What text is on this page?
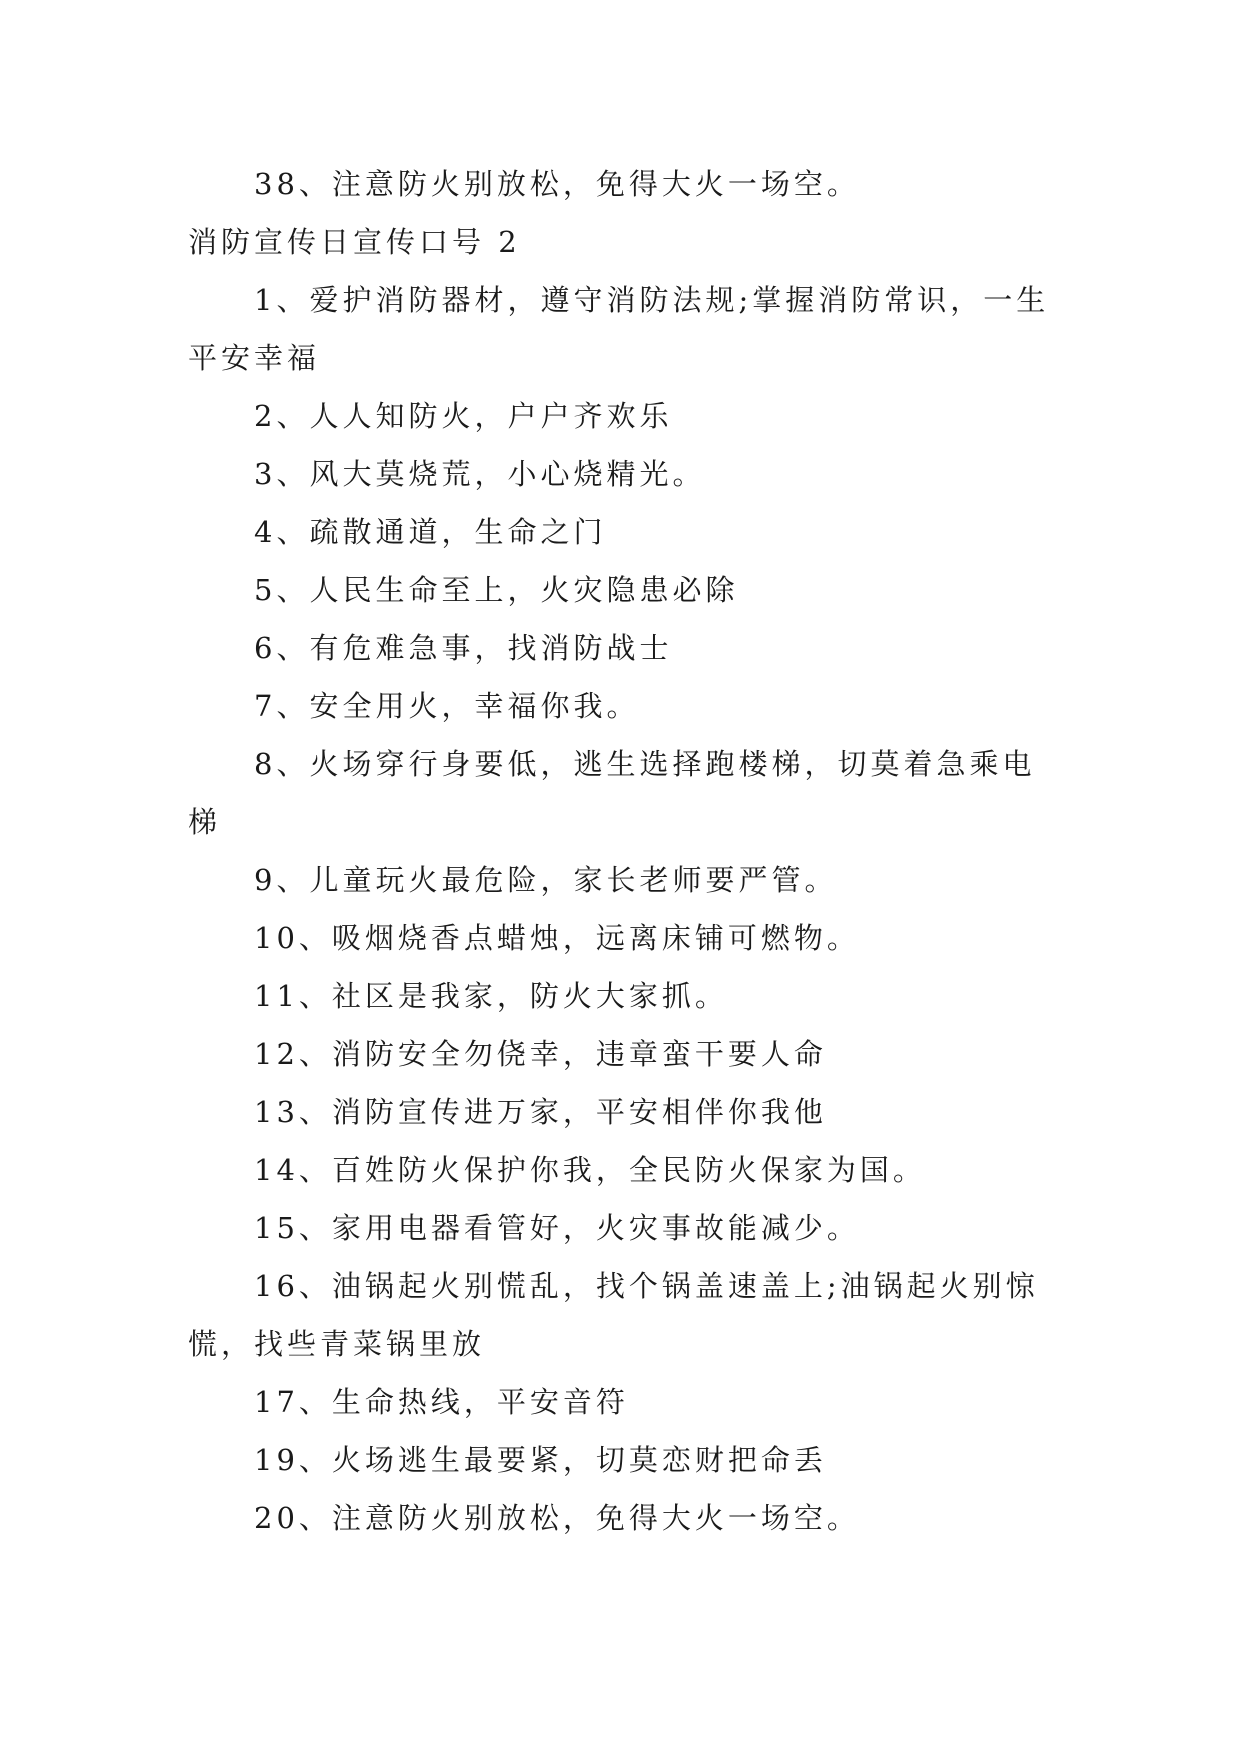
38、注意防火别放松，免得大火一场空。
消防宣传日宣传口号 2
1、爱护消防器材，遵守消防法规;掌握消防常识，一生
平安幸福
2、人人知防火，户户齐欢乐
3、风大莫烧荒，小心烧精光。
4、疏散通道，生命之门
5、人民生命至上，火灾隐患必除
6、有危难急事，找消防战士
7、安全用火，幸福你我。
8、火场穿行身要低，逃生选择跑楼梯，切莫着急乘电
梯
9、儿童玩火最危险，家长老师要严管。
10、吸烟烧香点蜡烛，远离床铺可燃物。
11、社区是我家，防火大家抓。
12、消防安全勿侥幸，违章蛮干要人命
13、消防宣传进万家，平安相伴你我他
14、百姓防火保护你我，全民防火保家为国。
15、家用电器看管好，火灾事故能减少。
16、油锅起火别慌乱，找个锅盖速盖上;油锅起火别惊
慌，找些青菜锅里放
17、生命热线，平安音符
19、火场逃生最要紧，切莫恋财把命丢
20、注意防火别放松，免得大火一场空。
